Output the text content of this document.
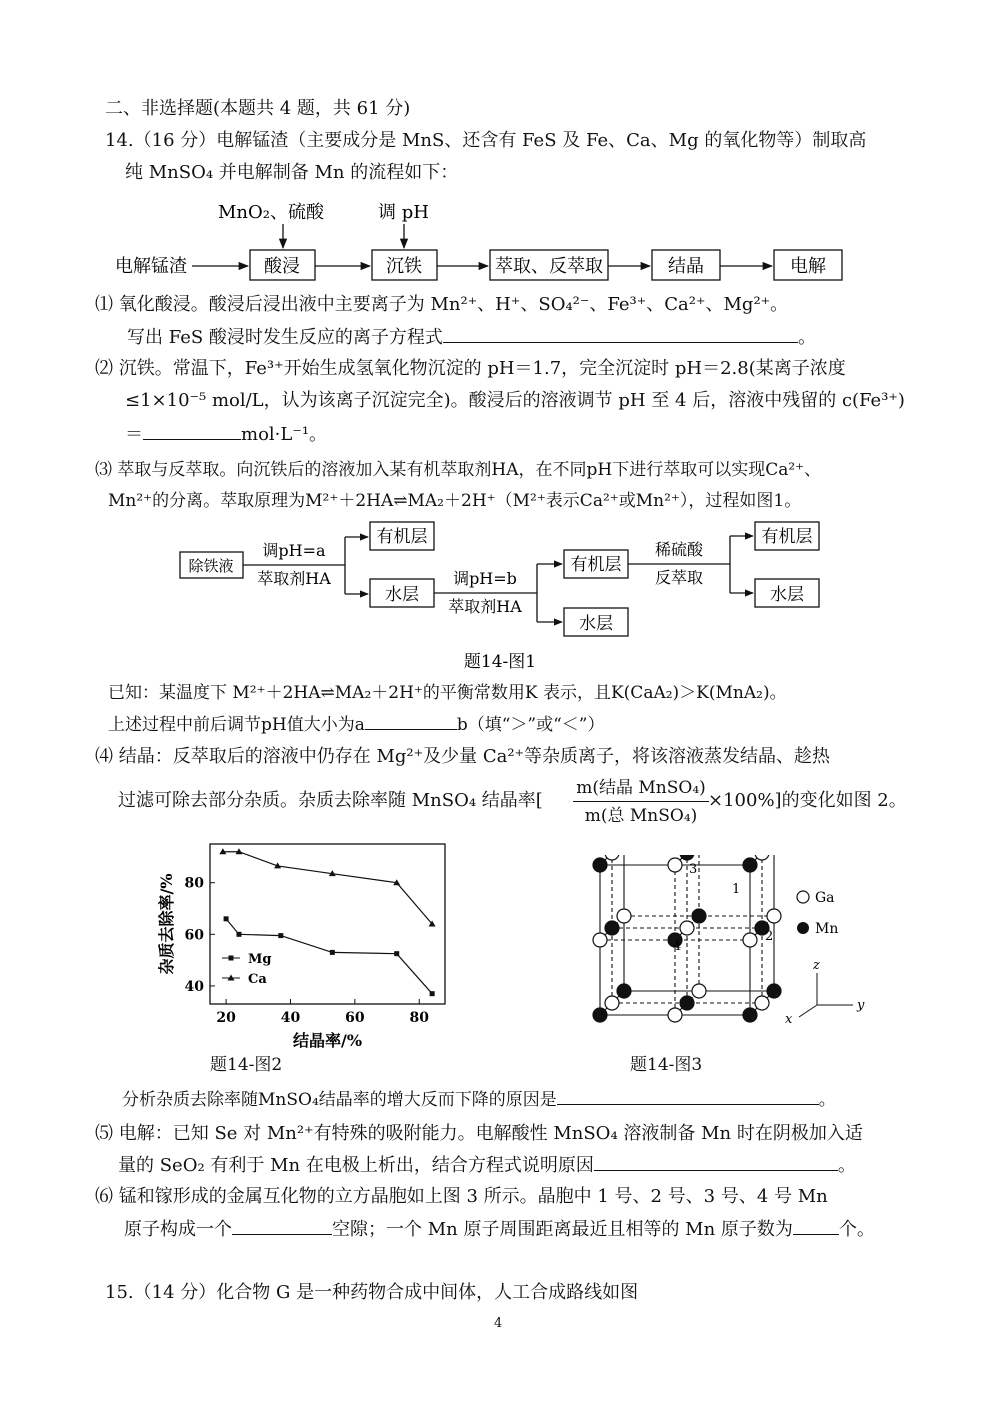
二、非选择题(本题共 4 题，共 61 分)
14.（16 分）电解锰渣（主要成分是 MnS、还含有 FeS 及 Fe、Ca、Mg 的氧化物等）制取高
纯 MnSO₄ 并电解制备 Mn 的流程如下：
MnO₂、硫酸	调 pH
电解锰渣	酸浸	沉铁	萃取、反萃取	结晶	电解
⑴ 氧化酸浸。酸浸后浸出液中主要离子为 Mn²⁺、H⁺、SO₄²⁻、Fe³⁺、Ca²⁺、Mg²⁺。
写出 FeS 酸浸时发生反应的离子方程式	。
⑵ 沉铁。常温下，Fe³⁺开始生成氢氧化物沉淀的 pH＝1.7，完全沉淀时 pH＝2.8(某离子浓度
≤1×10⁻⁵ mol/L，认为该离子沉淀完全)。酸浸后的溶液调节 pH 至 4 后，溶液中残留的 c(Fe³⁺)
＝	mol·L⁻¹。
⑶ 萃取与反萃取。向沉铁后的溶液加入某有机萃取剂HA，在不同pH下进行萃取可以实现Ca²⁺、
Mn²⁺的分离。萃取原理为M²⁺＋2HA⇌MA₂＋2H⁺（M²⁺表示Ca²⁺或Mn²⁺），过程如图1。
除铁液
调pH=a
萃取剂HA
有机层
水层
调pH=b
萃取剂HA
有机层
水层
稀硫酸
反萃取
有机层
水层
题14-图1
已知：某温度下 M²⁺＋2HA⇌MA₂＋2H⁺的平衡常数用K 表示，且K(CaA₂)＞K(MnA₂)。
上述过程中前后调节pH值大小为a	b（填“＞”或“＜”）
⑷ 结晶：反萃取后的溶液中仍存在 Mg²⁺及少量 Ca²⁺等杂质离子，将该溶液蒸发结晶、趁热
过滤可除去部分杂质。杂质去除率随 MnSO₄ 结晶率[
m(结晶 MnSO₄)
m(总 MnSO₄)
×100%]的变化如图 2。
20	40	60	80
40
60
80
结晶率/%
杂质去除率/%	Mg
Ca
题14-图2
1
2
3
4
Ga
Mn
z
y
x
题14-图3
分析杂质去除率随MnSO₄结晶率的增大反而下降的原因是	。
⑸ 电解：已知 Se 对 Mn²⁺有特殊的吸附能力。电解酸性 MnSO₄ 溶液制备 Mn 时在阴极加入适
量的 SeO₂ 有利于 Mn 在电极上析出，结合方程式说明原因	。
⑹ 锰和镓形成的金属互化物的立方晶胞如上图 3 所示。晶胞中 1 号、2 号、3 号、4 号 Mn
原子构成一个	空隙；一个 Mn 原子周围距离最近且相等的 Mn 原子数为	个。
15.（14 分）化合物 G 是一种药物合成中间体，人工合成路线如图
4
